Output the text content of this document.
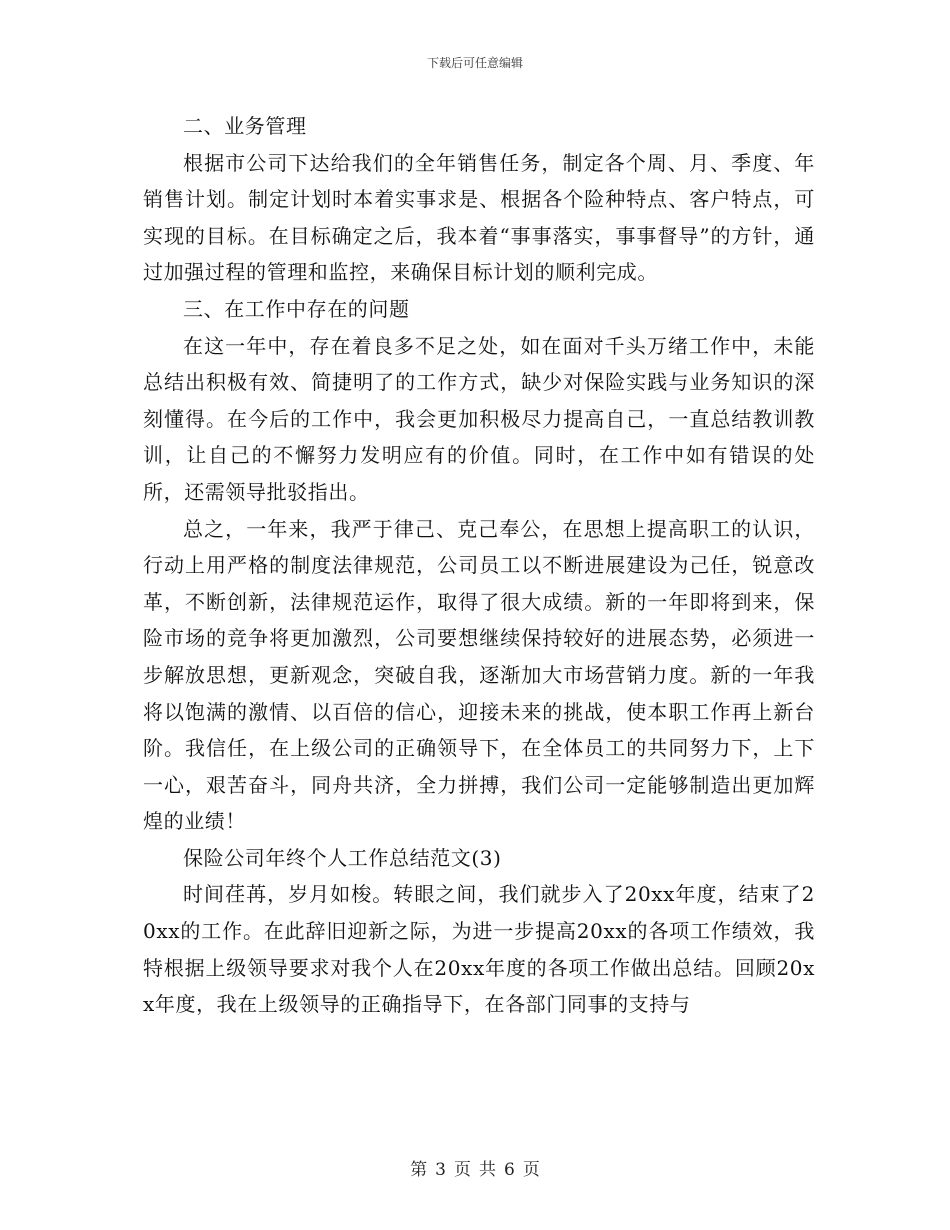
下载后可任意编辑

二、业务管理

根据市公司下达给我们的全年销售任务，制定各个周、月、季度、年销售计划。制定计划时本着实事求是、根据各个险种特点、客户特点，可实现的目标。在目标确定之后，我本着“事事落实，事事督导”的方针，通过加强过程的管理和监控，来确保目标计划的顺利完成。

三、在工作中存在的问题

在这一年中，存在着良多不足之处，如在面对千头万绪工作中，未能总结出积极有效、简捷明了的工作方式，缺少对保险实践与业务知识的深刻懂得。在今后的工作中，我会更加积极尽力提高自己，一直总结教训教训，让自己的不懈努力发明应有的价值。同时，在工作中如有错误的处所，还需领导批驳指出。

总之，一年来，我严于律己、克己奉公，在思想上提高职工的认识，行动上用严格的制度法律规范，公司员工以不断进展建设为己任，锐意改革，不断创新，法律规范运作，取得了很大成绩。新的一年即将到来，保险市场的竞争将更加激烈，公司要想继续保持较好的进展态势，必须进一步解放思想，更新观念，突破自我，逐渐加大市场营销力度。新的一年我将以饱满的激情、以百倍的信心，迎接未来的挑战，使本职工作再上新台阶。我信任，在上级公司的正确领导下，在全体员工的共同努力下，上下一心，艰苦奋斗，同舟共济，全力拼搏，我们公司一定能够制造出更加辉煌的业绩！

保险公司年终个人工作总结范文(3)

时间荏苒，岁月如梭。转眼之间，我们就步入了20xx年度，结束了20xx的工作。在此辞旧迎新之际，为进一步提高20xx的各项工作绩效，我特根据上级领导要求对我个人在20xx年度的各项工作做出总结。回顾20xx年度，我在上级领导的正确指导下，在各部门同事的支持与

第 3 页 共 6 页
